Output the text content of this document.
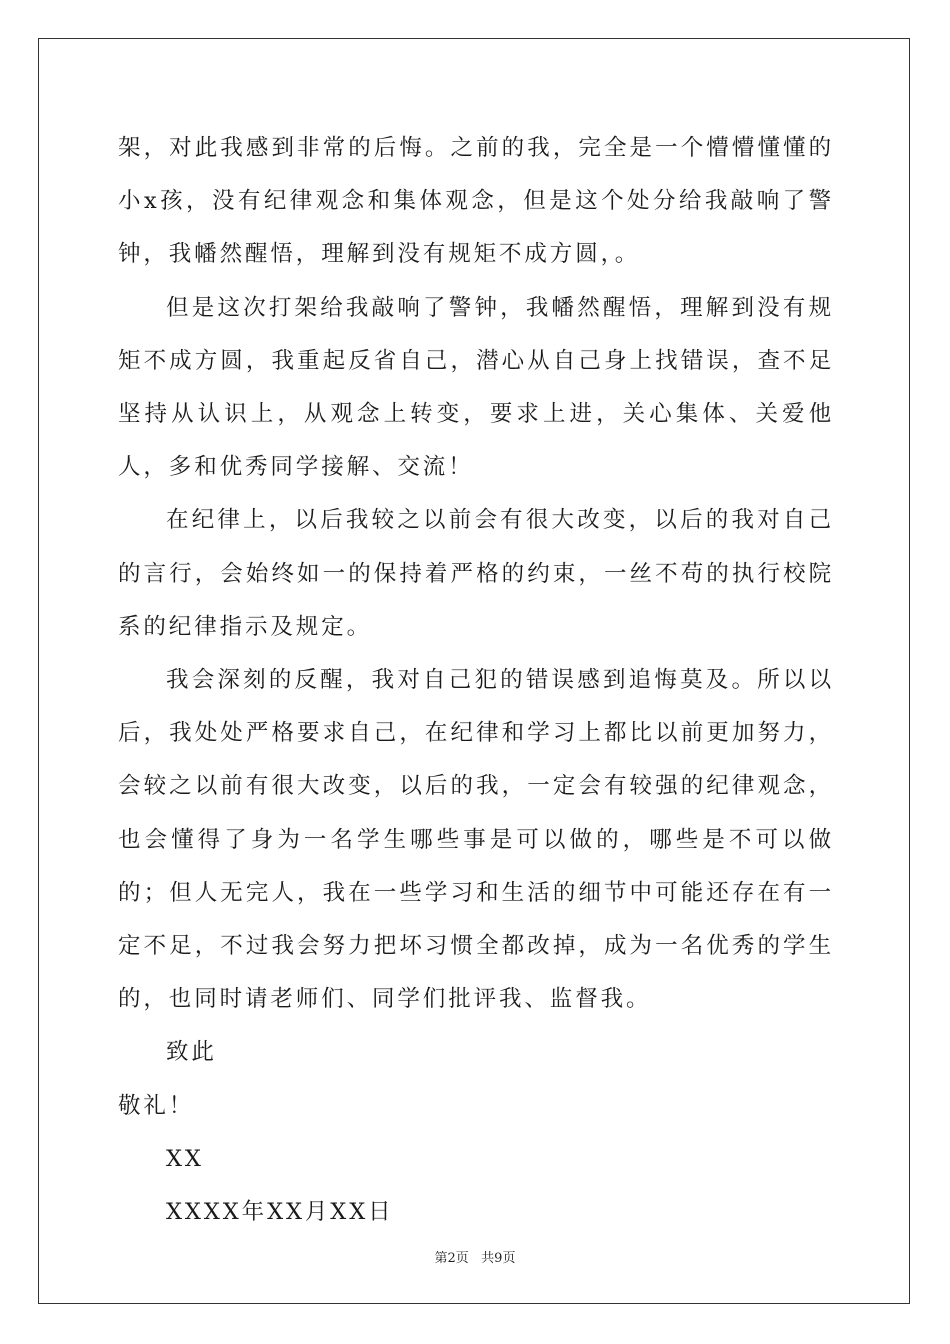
架，对此我感到非常的后悔。之前的我，完全是一个懵懵懂懂的小x孩，没有纪律观念和集体观念，但是这个处分给我敲响了警钟，我幡然醒悟，理解到没有规矩不成方圆，。

但是这次打架给我敲响了警钟，我幡然醒悟，理解到没有规矩不成方圆，我重起反省自己，潜心从自己身上找错误，查不足坚持从认识上，从观念上转变，要求上进，关心集体、关爱他人，多和优秀同学接解、交流！

在纪律上，以后我较之以前会有很大改变，以后的我对自己的言行，会始终如一的保持着严格的约束，一丝不苟的执行校院系的纪律指示及规定。

我会深刻的反醒，我对自己犯的错误感到追悔莫及。所以以后，我处处严格要求自己，在纪律和学习上都比以前更加努力，会较之以前有很大改变，以后的我，一定会有较强的纪律观念，也会懂得了身为一名学生哪些事是可以做的，哪些是不可以做的；但人无完人，我在一些学习和生活的细节中可能还存在有一定不足，不过我会努力把坏习惯全都改掉，成为一名优秀的学生的，也同时请老师们、同学们批评我、监督我。

致此

敬礼！

XX

XXXX年XX月XX日

第2页   共9页
